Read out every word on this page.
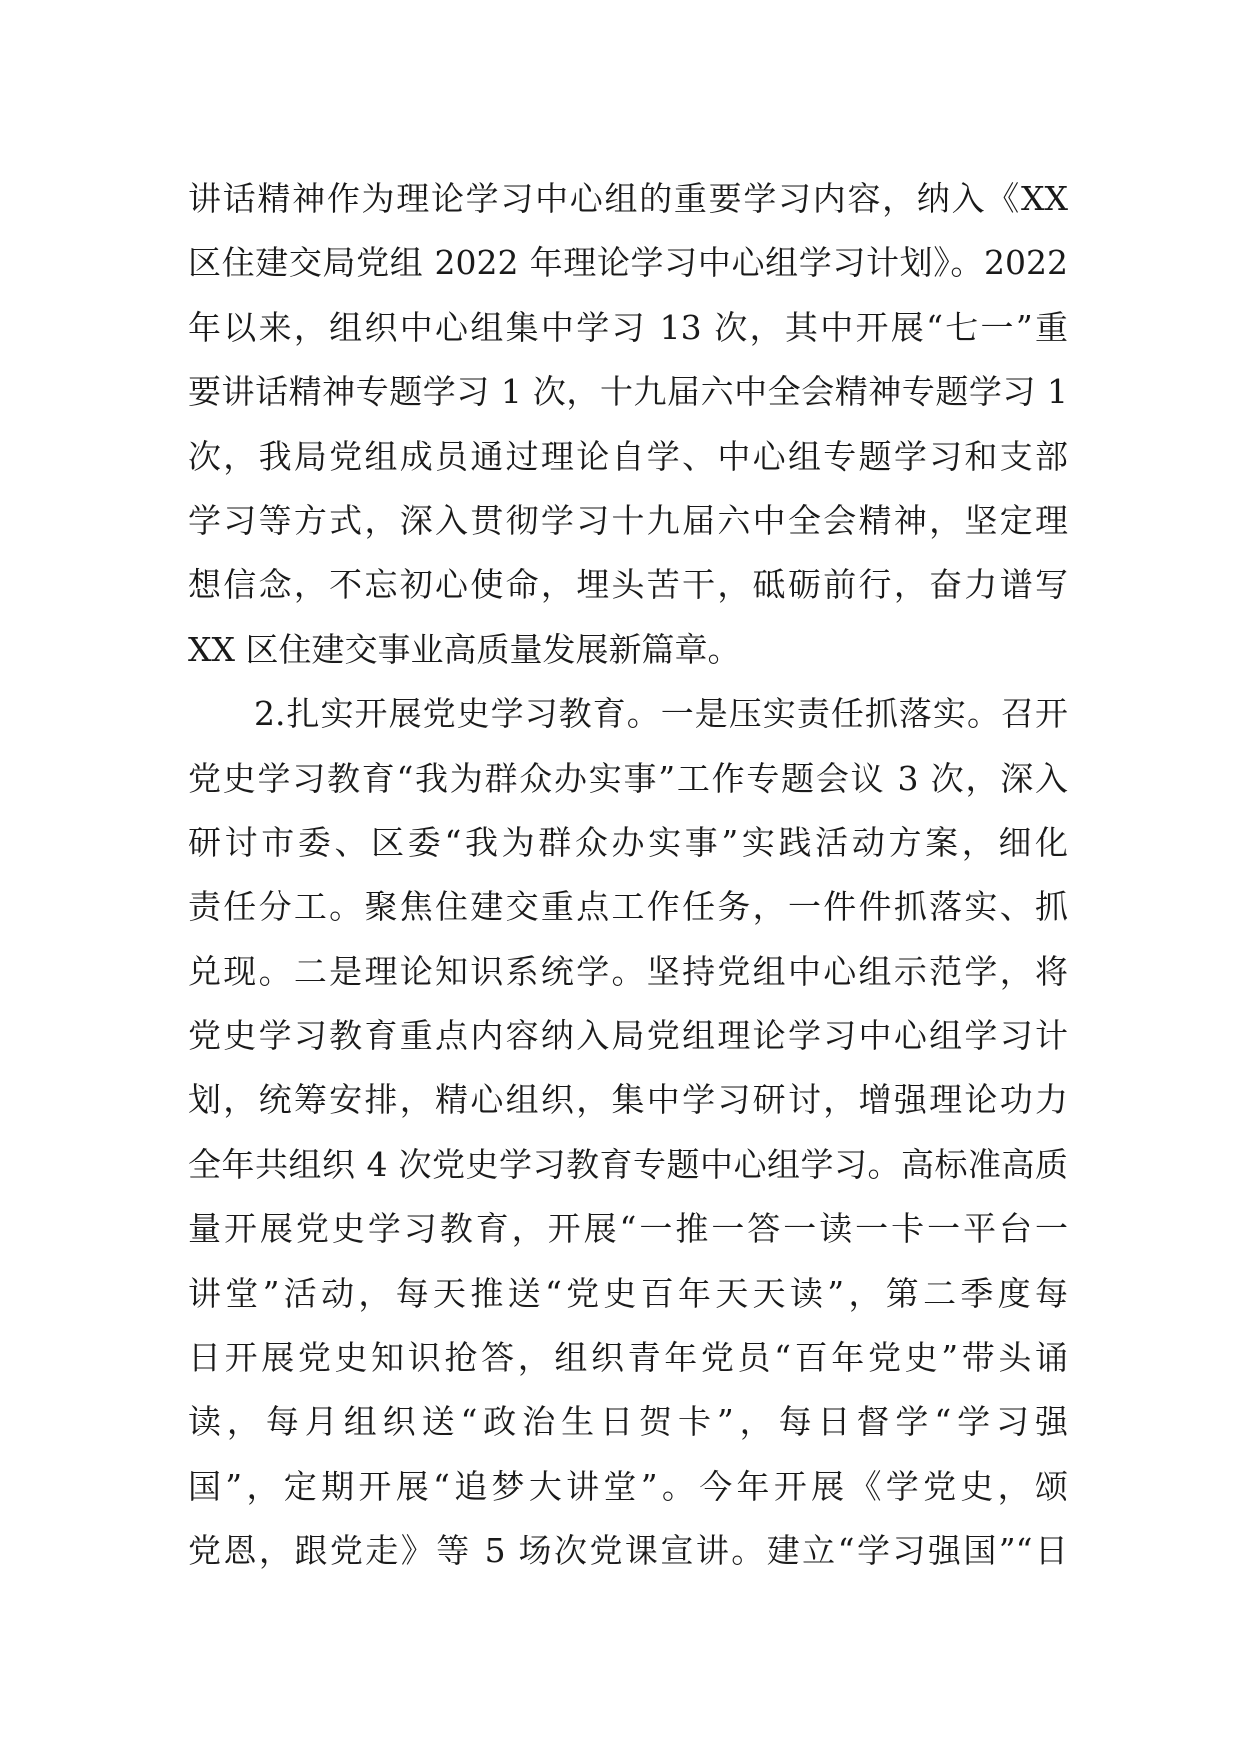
讲话精神作为理论学习中心组的重要学习内容，纳入《XX
区住建交局党组 2022 年理论学习中心组学习计划》。2022
年以来，组织中心组集中学习 13 次，其中开展“七一”重
要讲话精神专题学习 1 次，十九届六中全会精神专题学习 1
次，我局党组成员通过理论自学、中心组专题学习和支部
学习等方式，深入贯彻学习十九届六中全会精神，坚定理
想信念，不忘初心使命，埋头苦干，砥砺前行，奋力谱写
XX 区住建交事业高质量发展新篇章。
2.扎实开展党史学习教育。一是压实责任抓落实。召开
党史学习教育“我为群众办实事”工作专题会议 3 次，深入
研讨市委、区委“我为群众办实事”实践活动方案，细化
责任分工。聚焦住建交重点工作任务，一件件抓落实、抓
兑现。二是理论知识系统学。坚持党组中心组示范学，将
党史学习教育重点内容纳入局党组理论学习中心组学习计
划，统筹安排，精心组织，集中学习研讨，增强理论功力
全年共组织 4 次党史学习教育专题中心组学习。高标准高质
量开展党史学习教育，开展“一推一答一读一卡一平台一
讲堂”活动，每天推送“党史百年天天读”，第二季度每
日开展党史知识抢答，组织青年党员“百年党史”带头诵
读，每月组织送“政治生日贺卡”，每日督学“学习强
国”，定期开展“追梦大讲堂”。今年开展《学党史，颂
党恩，跟党走》等 5 场次党课宣讲。建立“学习强国”“日
